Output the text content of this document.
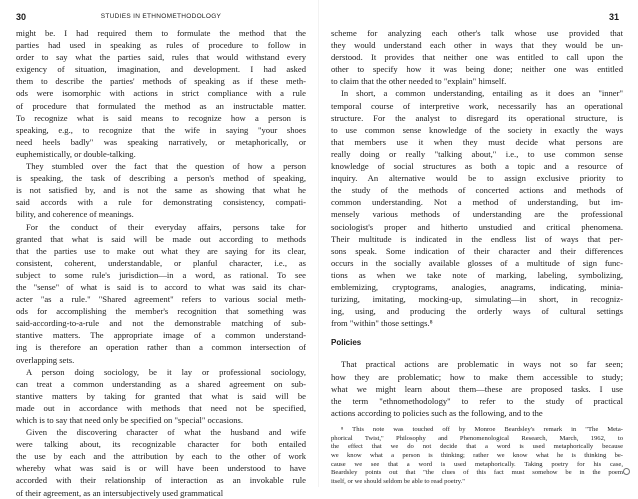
30	STUDIES IN ETHNOMETHODOLOGY
might be. I had required them to formulate the method that the
parties had used in speaking as rules of procedure to follow in
order to say what the parties said, rules that would withstand every
exigency of situation, imagination, and development. I had asked
them to describe the parties' methods of speaking as if these meth-
ods were isomorphic with actions in strict compliance with a rule
of procedure that formulated the method as an instructable matter.
To recognize what is said means to recognize how a person is
speaking, e.g., to recognize that the wife in saying "your shoes
need heels badly" was speaking narratively, or metaphorically, or
euphemistically, or double-talking.
They stumbled over the fact that the question of how a person
is speaking, the task of describing a person's method of speaking,
is not satisfied by, and is not the same as showing that what he
said accords with a rule for demonstrating consistency, compati-
bility, and coherence of meanings.
For the conduct of their everyday affairs, persons take for
granted that what is said will be made out according to methods
that the parties use to make out what they are saying for its clear,
consistent, coherent, understandable, or planful character, i.e., as
subject to some rule's jurisdiction—in a word, as rational. To see
the "sense" of what is said is to accord to what was said its char-
acter "as a rule." "Shared agreement" refers to various social meth-
ods for accomplishing the member's recognition that something was
said-according-to-a-rule and not the demonstrable matching of sub-
stantive matters. The appropriate image of a common understand-
ing is therefore an operation rather than a common intersection of
overlapping sets.
A person doing sociology, be it lay or professional sociology,
can treat a common understanding as a shared agreement on sub-
stantive matters by taking for granted that what is said will be
made out in accordance with methods that need not be specified,
which is to say that need only be specified on "special" occasions.
Given the discovering character of what the husband and wife
were talking about, its recognizable character for both entailed
the use by each and the attribution by each to the other of work
whereby what was said is or will have been understood to have
accorded with their relationship of interaction as an invokable rule
of their agreement, as an intersubjectively used grammatical
31
scheme for analyzing each other's talk whose use provided that
they would understand each other in ways that they would be un-
derstood. It provides that neither one was entitled to call upon the
other to specify how it was being done; neither one was entitled
to claim that the other needed to "explain" himself.
In short, a common understanding, entailing as it does an "inner"
temporal course of interpretive work, necessarily has an operational
structure. For the analyst to disregard its operational structure, is
to use common sense knowledge of the society in exactly the ways
that members use it when they must decide what persons are
really doing or really "talking about," i.e., to use common sense
knowledge of social structures as both a topic and a resource of
inquiry. An alternative would be to assign exclusive priority to
the study of the methods of concerted actions and methods of
common understanding. Not a method of understanding, but im-
mensely various methods of understanding are the professional
sociologist's proper and hitherto unstudied and critical phenomena.
Their multitude is indicated in the endless list of ways that per-
sons speak. Some indication of their character and their differences
occurs in the socially available glosses of a multitude of sign func-
tions as when we take note of marking, labeling, symbolizing,
emblemizing, cryptograms, analogies, anagrams, indicating, minia-
turizing, imitating, mocking-up, simulating—in short, in recogniz-
ing, using, and producing the orderly ways of cultural settings
from "within" those settings.⁸
Policies
That practical actions are problematic in ways not so far seen;
how they are problematic; how to make them accessible to study;
what we might learn about them—these are proposed tasks. I use
the term "ethnomethodology" to refer to the study of practical
actions according to policies such as the following, and to the
⁸ This note was touched off by Monroe Beardsley's remark in "The Meta-
phorical Twist," Philosophy and Phenomenological Research, March, 1962, to
the effect that we do not decide that a word is used metaphorically because
we know what a person is thinking; rather we know what he is thinking be-
cause we see that a word is used metaphorically. Taking poetry for his case,
Beardsley points out that "the clues of this fact must somehow be in the poem
itself, or we should seldom be able to read poetry."
